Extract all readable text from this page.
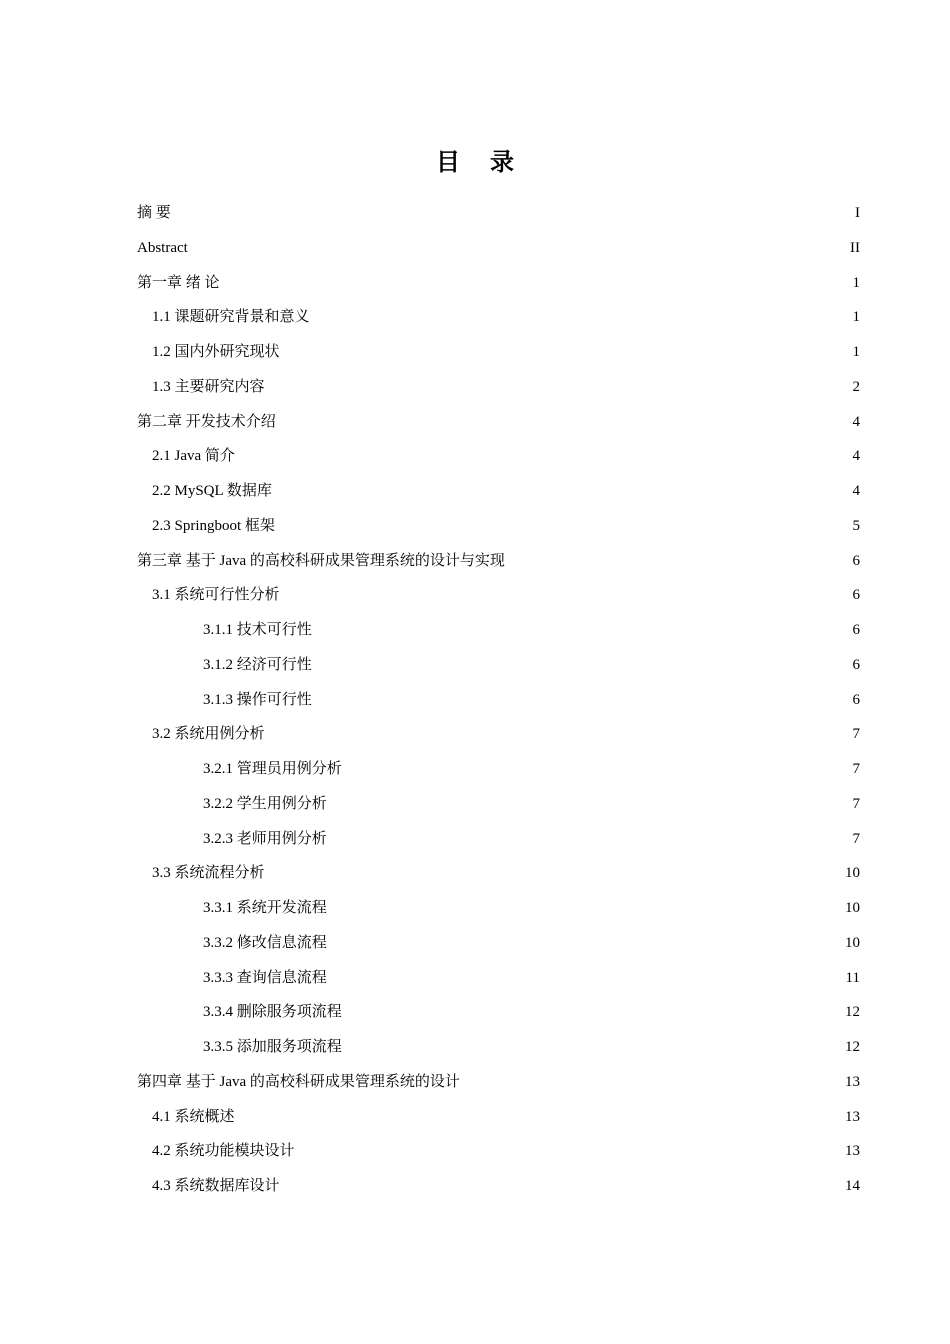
目 录
摘 要	I
Abstract	II
第一章 绪 论	1
1.1 课题研究背景和意义	1
1.2 国内外研究现状	1
1.3 主要研究内容	2
第二章 开发技术介绍	4
2.1 Java 简介	4
2.2 MySQL 数据库	4
2.3 Springboot 框架	5
第三章 基于 Java 的高校科研成果管理系统的设计与实现	6
3.1 系统可行性分析	6
3.1.1 技术可行性	6
3.1.2 经济可行性	6
3.1.3 操作可行性	6
3.2 系统用例分析	7
3.2.1 管理员用例分析	7
3.2.2 学生用例分析	7
3.2.3 老师用例分析	7
3.3 系统流程分析	10
3.3.1 系统开发流程	10
3.3.2 修改信息流程	10
3.3.3 查询信息流程	11
3.3.4 删除服务项流程	12
3.3.5 添加服务项流程	12
第四章 基于 Java 的高校科研成果管理系统的设计	13
4.1 系统概述	13
4.2 系统功能模块设计	13
4.3 系统数据库设计	14
